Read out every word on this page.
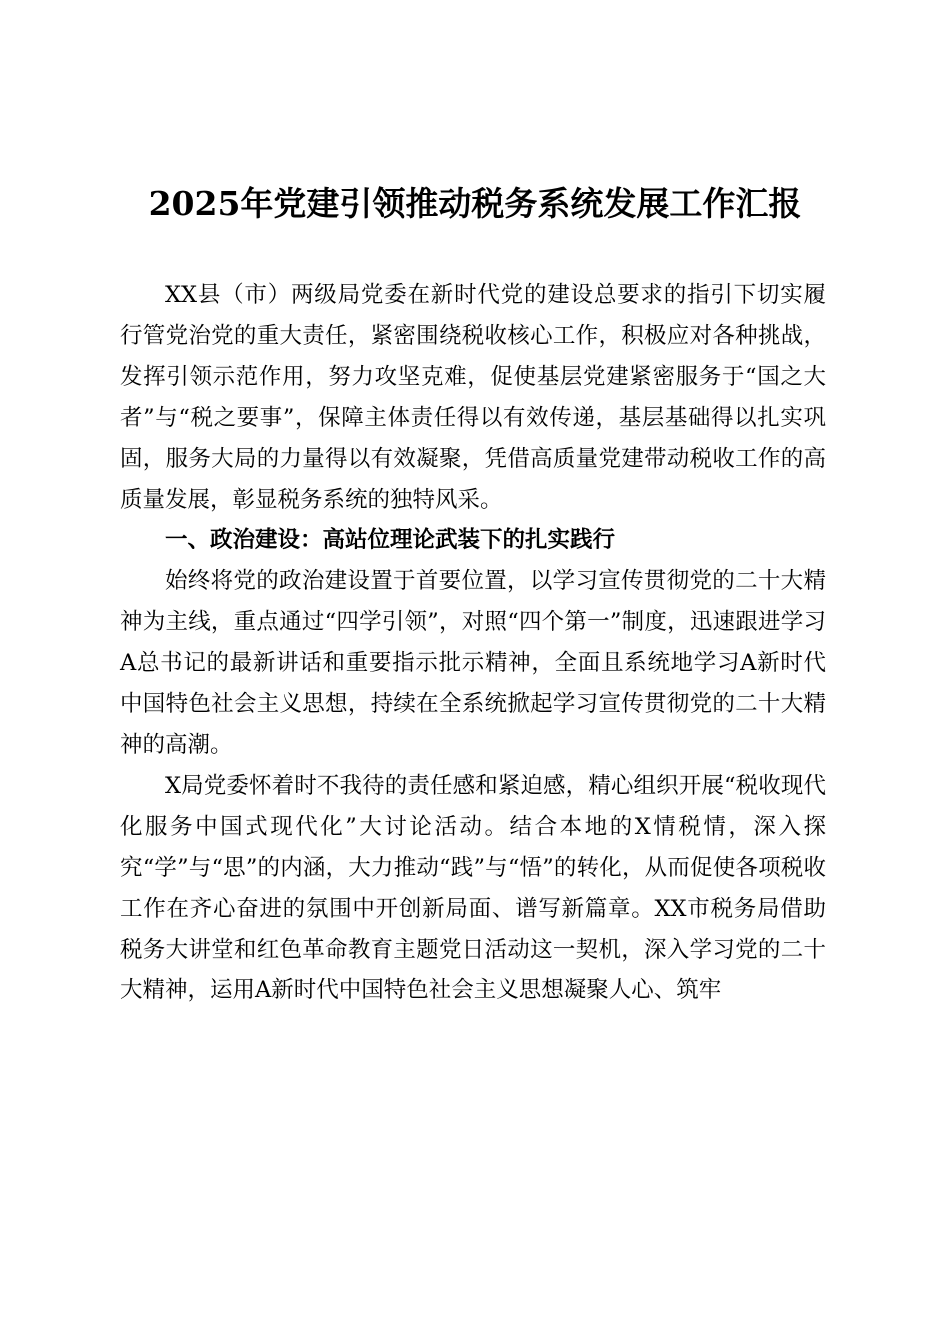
2025年党建引领推动税务系统发展工作汇报

XX县（市）两级局党委在新时代党的建设总要求的指引下切实履行管党治党的重大责任，紧密围绕税收核心工作，积极应对各种挑战，发挥引领示范作用，努力攻坚克难，促使基层党建紧密服务于“国之大者”与“税之要事”，保障主体责任得以有效传递，基层基础得以扎实巩固，服务大局的力量得以有效凝聚，凭借高质量党建带动税收工作的高质量发展，彰显税务系统的独特风采。

一、政治建设：高站位理论武装下的扎实践行

始终将党的政治建设置于首要位置，以学习宣传贯彻党的二十大精神为主线，重点通过“四学引领”，对照“四个第一”制度，迅速跟进学习A总书记的最新讲话和重要指示批示精神，全面且系统地学习A新时代中国特色社会主义思想，持续在全系统掀起学习宣传贯彻党的二十大精神的高潮。

X局党委怀着时不我待的责任感和紧迫感，精心组织开展“税收现代化服务中国式现代化”大讨论活动。结合本地的X情税情，深入探究“学”与“思”的内涵，大力推动“践”与“悟”的转化，从而促使各项税收工作在齐心奋进的氛围中开创新局面、谱写新篇章。XX市税务局借助税务大讲堂和红色革命教育主题党日活动这一契机，深入学习党的二十大精神，运用A新时代中国特色社会主义思想凝聚人心、筑牢
